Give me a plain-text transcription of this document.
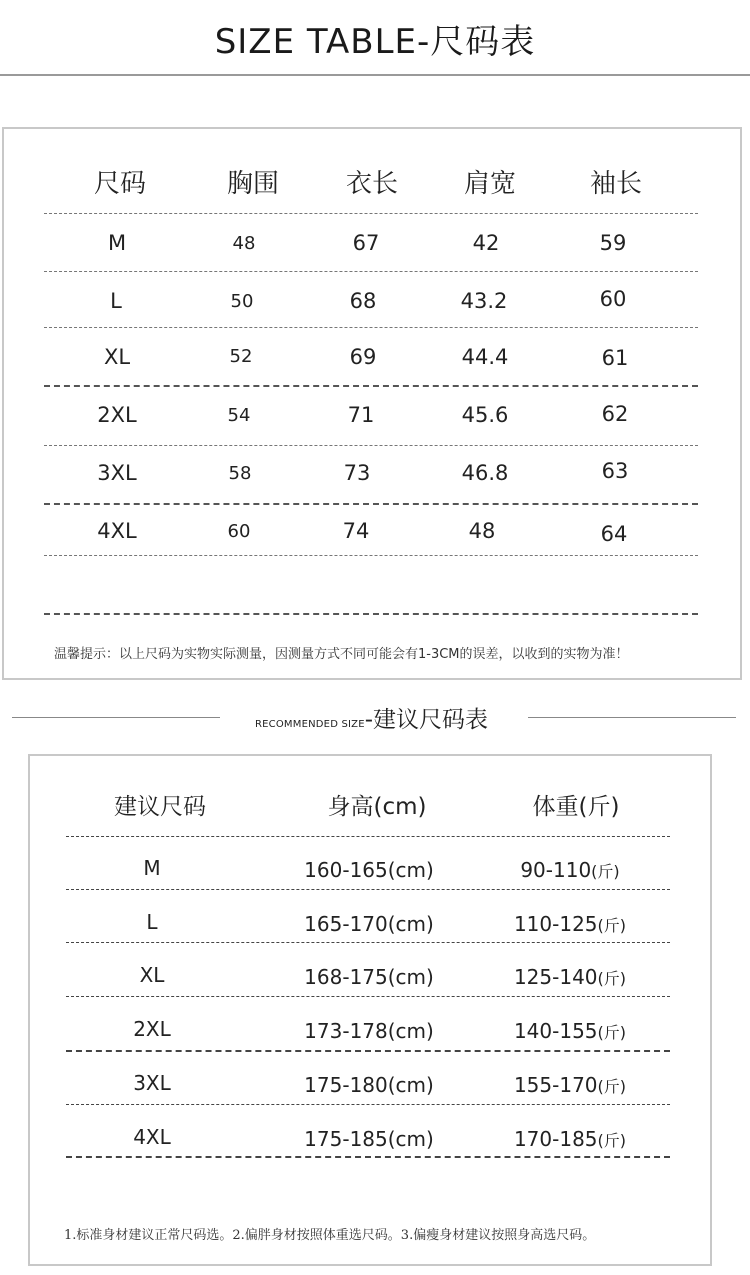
SIZE TABLE-尺码表
尺码	胸围	衣长	肩宽	袖长
M	48	67	42	59
L	50	68	43.2	60
XL	52	69	44.4	61
2XL	54	71	45.6	62
3XL	58	73	46.8	63
4XL	60	74	48	64
温馨提示：以上尺码为实物实际测量，因测量方式不同可能会有1-3CM的误差，以收到的实物为准！
RECOMMENDED SIZE-建议尺码表
建议尺码	身高(cm)	体重(斤)
M	160-165(cm)	90-110(斤)
L	165-170(cm)	110-125(斤)
XL	168-175(cm)	125-140(斤)
2XL	173-178(cm)	140-155(斤)
3XL	175-180(cm)	155-170(斤)
4XL	175-185(cm)	170-185(斤)
1.标准身材建议正常尺码选。2.偏胖身材按照体重选尺码。3.偏瘦身材建议按照身高选尺码。
